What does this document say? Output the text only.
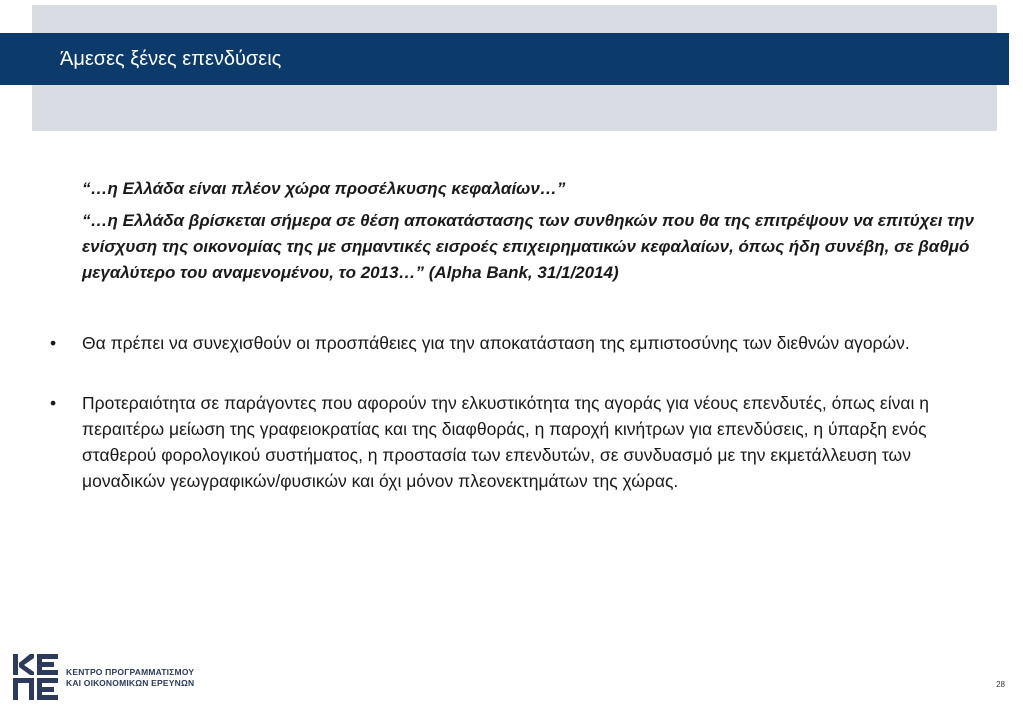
Άμεσες ξένες επενδύσεις

“…η Ελλάδα είναι πλέον χώρα προσέλκυσης κεφαλαίων…”

“…η Ελλάδα βρίσκεται σήμερα σε θέση αποκατάστασης των συνθηκών που θα της επιτρέψουν να επιτύχει την ενίσχυση της οικονομίας της με σημαντικές εισροές επιχειρηματικών κεφαλαίων, όπως ήδη συνέβη, σε βαθμό μεγαλύτερο του αναμενομένου, το 2013…” (Alpha Bank, 31/1/2014)

•	Θα πρέπει να συνεχισθούν οι προσπάθειες για την αποκατάσταση της εμπιστοσύνης των διεθνών αγορών.
•	Προτεραιότητα σε παράγοντες που αφορούν την ελκυστικότητα της αγοράς για νέους επενδυτές, όπως είναι η περαιτέρω μείωση της γραφειοκρατίας και της διαφθοράς, η παροχή κινήτρων για επενδύσεις, η ύπαρξη ενός σταθερού φορολογικού συστήματος, η προστασία των επενδυτών, σε συνδυασμό με την εκμετάλλευση των μοναδικών γεωγραφικών/φυσικών και όχι μόνον πλεονεκτημάτων της χώρας.
ΚΕΝΤΡΟ ΠΡΟΓΡΑΜΜΑΤΙΣΜΟΥ
ΚΑΙ ΟΙΚΟΝΟΜΙΚΩΝ ΕΡΕΥΝΩΝ	28
